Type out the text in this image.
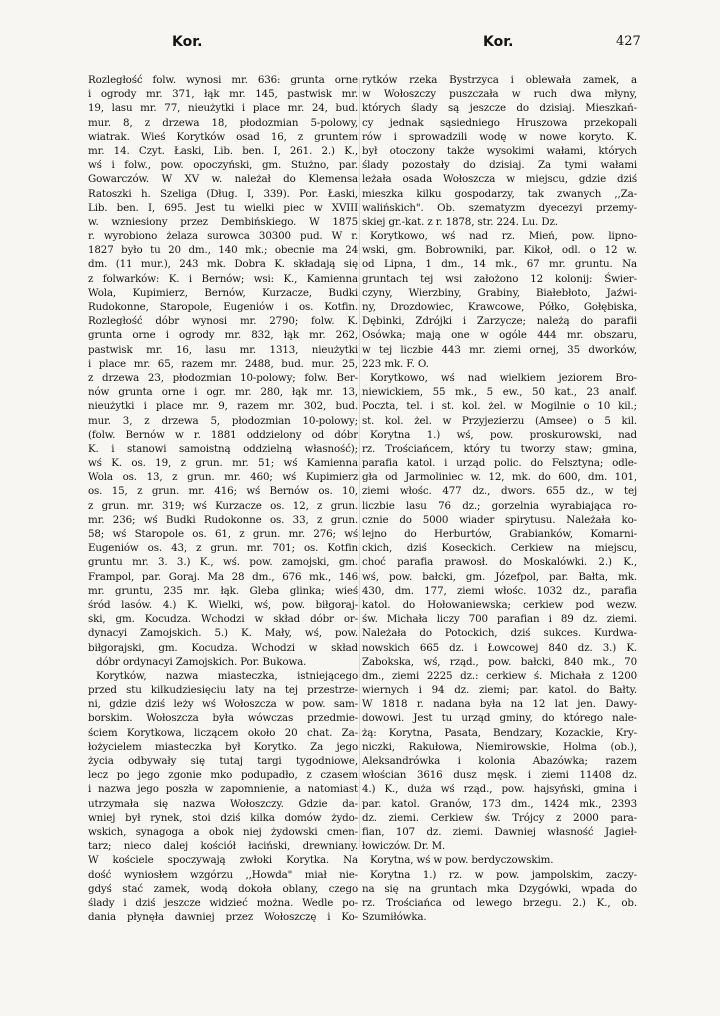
Kor.	Kor.	427
Rozległość folw. wynosi mr. 636: grunta orne
i ogrody mr. 371, łąk mr. 145, pastwisk mr.
19, lasu mr. 77, nieużytki i place mr. 24, bud.
mur. 8, z drzewa 18, płodozmian 5-polowy,
wiatrak. Wieś Korytków osad 16, z gruntem
mr. 14. Czyt. Łaski, Lib. ben. I, 261. 2.) K.,
wś i folw., pow. opoczyński, gm. Stużno, par.
Gowarczów. W XV w. należał do Klemensa
Ratoszki h. Szeliga (Dług. I, 339). Por. Łaski,
Lib. ben. I, 695. Jest tu wielki piec w XVIII
w. wzniesiony przez Dembińskiego. W 1875
r. wyrobiono żelaza surowca 30300 pud. W r.
1827 było tu 20 dm., 140 mk.; obecnie ma 24
dm. (11 mur.), 243 mk. Dobra K. składają się
z folwarków: K. i Bernów; wsi: K., Kamienna
Wola, Kupimierz, Bernów, Kurzacze, Budki
Rudokonne, Staropole, Eugeniów i os. Kotfin.
Rozległość dóbr wynosi mr. 2790; folw. K.
grunta orne i ogrody mr. 832, łąk mr. 262,
pastwisk mr. 16, lasu mr. 1313, nieużytki
i place mr. 65, razem mr. 2488, bud. mur. 25,
z drzewa 23, płodozmian 10-polowy; folw. Ber-
nów grunta orne i ogr. mr. 280, łąk mr. 13,
nieużytki i place mr. 9, razem mr. 302, bud.
mur. 3, z drzewa 5, płodozmian 10-polowy;
(folw. Bernów w r. 1881 oddzielony od dóbr
K. i stanowi samoistną oddzielną własność);
wś K. os. 19, z grun. mr. 51; wś Kamienna
Wola os. 13, z grun. mr. 460; wś Kupimierz
os. 15, z grun. mr. 416; wś Bernów os. 10,
z grun. mr. 319; wś Kurzacze os. 12, z grun.
mr. 236; wś Budki Rudokonne os. 33, z grun.
58; wś Staropole os. 61, z grun. mr. 276; wś
Eugeniów os. 43, z grun. mr. 701; os. Kotfin
gruntu mr. 3. 3.) K., wś. pow. zamojski, gm.
Frampol, par. Goraj. Ma 28 dm., 676 mk., 146
mr. gruntu, 235 mr. łąk. Gleba glinka; wieś
śród lasów. 4.) K. Wielki, wś, pow. biłgoraj-
ski, gm. Kocudza. Wchodzi w skład dóbr or-
dynacyi Zamojskich. 5.) K. Mały, wś, pow.
biłgorajski, gm. Kocudza. Wchodzi w skład
dóbr ordynacyi Zamojskich. Por. Bukowa.
Korytków, nazwa miasteczka, istniejącego
przed stu kilkudziesięciu laty na tej przestrze-
ni, gdzie dziś leży wś Wołoszcza w pow. sam-
borskim. Wołoszcza była wówczas przedmie-
ściem Korytkowa, liczącem około 20 chat. Za-
łożycielem miasteczka był Korytko. Za jego
życia odbywały się tutaj targi tygodniowe,
lecz po jego zgonie mko podupadło, z czasem
i nazwa jego poszła w zapomnienie, a natomiast
utrzymała się nazwa Wołoszczy. Gdzie da-
wniej był rynek, stoi dziś kilka domów żydo-
wskich, synagoga a obok niej żydowski cmen-
tarz; nieco dalej kościół łaciński, drewniany.
W kościele spoczywają zwłoki Korytka. Na
dość wyniosłem wzgórzu ,,Howda" miał nie-
gdyś stać zamek, wodą dokoła oblany, czego
ślady i dziś jeszcze widzieć można. Wedle po-
dania płynęła dawniej przez Wołoszczę i Ko-
rytków rzeka Bystrzyca i oblewała zamek, a
w Wołoszczy puszczała w ruch dwa młyny,
których ślady są jeszcze do dzisiaj. Mieszkań-
cy jednak sąsiedniego Hruszowa przekopali
rów i sprowadzili wodę w nowe koryto. K.
był otoczony także wysokimi wałami, których
ślady pozostały do dzisiaj. Za tymi wałami
leżała osada Wołoszcza w miejscu, gdzie dziś
mieszka kilku gospodarzy, tak zwanych ,,Za-
walińskich". Ob. szematyzm dyecezyi przemy-
skiej gr.-kat. z r. 1878, str. 224. Lu. Dz.
Korytkowo, wś nad rz. Mień, pow. lipno-
wski, gm. Bobrowniki, par. Kikoł, odl. o 12 w.
od Lipna, 1 dm., 14 mk., 67 mr. gruntu. Na
gruntach tej wsi założono 12 kolonij: Świer-
czyny, Wierzbiny, Grabiny, Białebłoto, Jaźwi-
ny, Drozdowiec, Krawcowe, Półko, Gołębiska,
Dębinki, Zdrójki i Zarzycze; należą do parafii
Osówka; mają one w ogóle 444 mr. obszaru,
w tej liczbie 443 mr. ziemi ornej, 35 dworków,
223 mk. F. O.
Korytkowo, wś nad wielkiem jeziorem Bro-
niewickiem, 55 mk., 5 ew., 50 kat., 23 analf.
Poczta, tel. i st. kol. żel. w Mogilnie o 10 kil.;
st. kol. żel. w Przyjezierzu (Amsee) o 5 kil.
Korytna 1.) wś, pow. proskurowski, nad
rz. Trościańcem, który tu tworzy staw; gmina,
parafia katol. i urząd polic. do Felsztyna; odle-
gła od Jarmoliniec w. 12, mk. do 600, dm. 101,
ziemi włośc. 477 dz., dwors. 655 dz., w tej
liczbie lasu 76 dz.; gorzelnia wyrabiająca ro-
cznie do 5000 wiader spirytusu. Należała ko-
lejno do Herburtów, Grabianków, Komarni-
ckich, dziś Koseckich. Cerkiew na miejscu,
choć parafia prawosł. do Moskalówki. 2.) K.,
wś, pow. bałcki, gm. Józefpol, par. Bałta, mk.
430, dm. 177, ziemi włośc. 1032 dz., parafia
katol. do Hołowaniewska; cerkiew pod wezw.
św. Michała liczy 700 parafian i 89 dz. ziemi.
Należała do Potockich, dziś sukces. Kurdwa-
nowskich 665 dz. i Łowcowej 840 dz. 3.) K.
Zabokska, wś, rząd., pow. bałcki, 840 mk., 70
dm., ziemi 2225 dz.: cerkiew ś. Michała z 1200
wiernych i 94 dz. ziemi; par. katol. do Bałty.
W 1818 r. nadana była na 12 lat jen. Dawy-
dowowi. Jest tu urząd gminy, do którego nale-
żą: Korytna, Pasata, Bendzary, Kozackie, Kry-
niczki, Rakułowa, Niemirowskie, Holma (ob.),
Aleksandrówka i kolonia Abazówka; razem
włościan 3616 dusz męsk. i ziemi 11408 dz.
4.) K., duża wś rząd., pow. hajsyński, gmina i
par. katol. Granów, 173 dm., 1424 mk., 2393
dz. ziemi. Cerkiew św. Trójcy z 2000 para-
fian, 107 dz. ziemi. Dawniej własność Jagieł-
łowiczów. Dr. M.
Korytna, wś w pow. berdyczowskim.
Korytna 1.) rz. w pow. jampolskim, zaczy-
na się na gruntach mka Dzygówki, wpada do
rz. Trościańca od lewego brzegu. 2.) K., ob.
Szumiłówka.
